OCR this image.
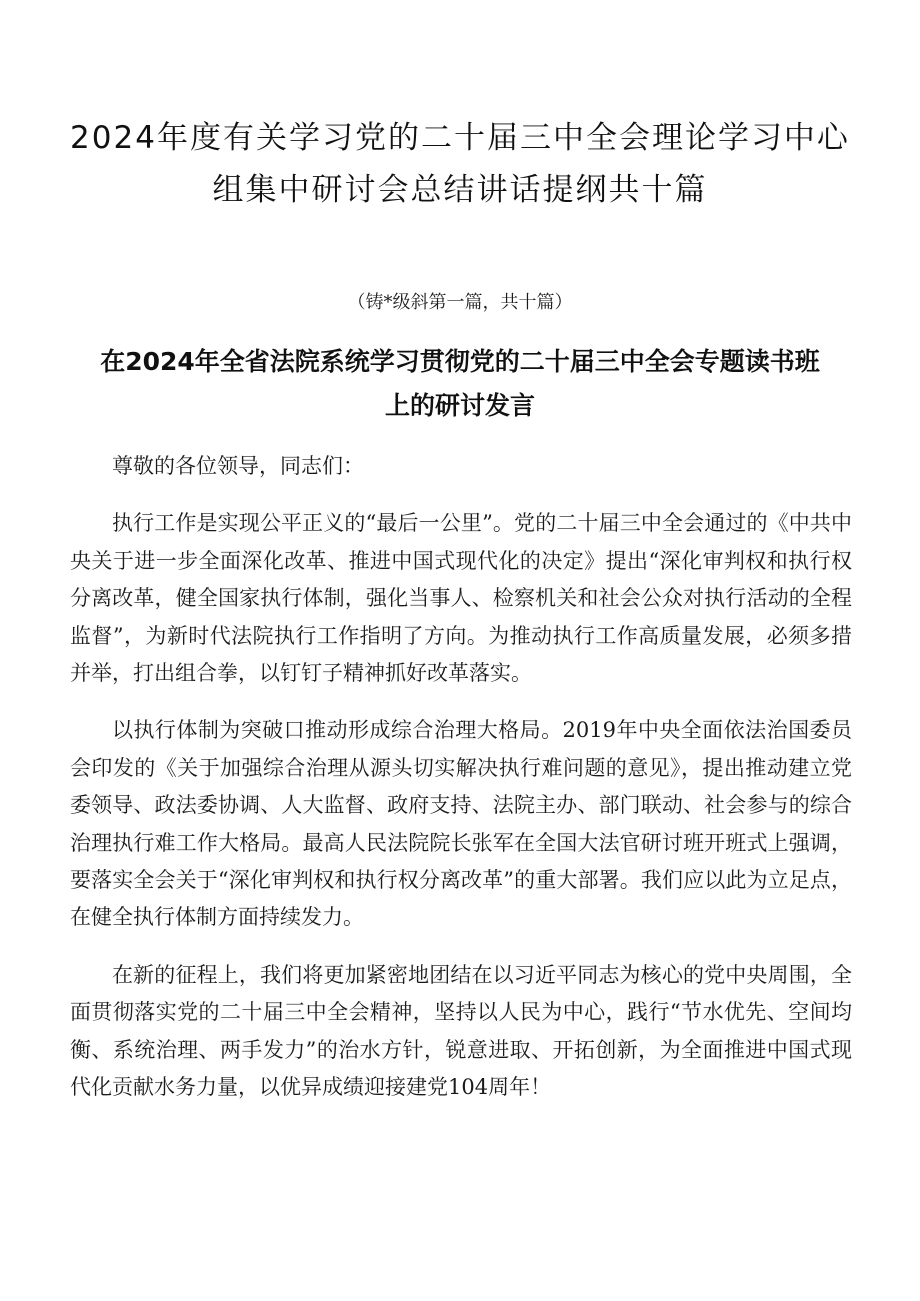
2024年度有关学习党的二十届三中全会理论学习中心组集中研讨会总结讲话提纲共十篇
（铸*级斜第一篇，共十篇）
在2024年全省法院系统学习贯彻党的二十届三中全会专题读书班上的研讨发言

尊敬的各位领导，同志们：

执行工作是实现公平正义的“最后一公里”。党的二十届三中全会通过的《中共中央关于进一步全面深化改革、推进中国式现代化的决定》提出“深化审判权和执行权分离改革，健全国家执行体制，强化当事人、检察机关和社会公众对执行活动的全程监督”，为新时代法院执行工作指明了方向。为推动执行工作高质量发展，必须多措并举，打出组合拳，以钉钉子精神抓好改革落实。

以执行体制为突破口推动形成综合治理大格局。2019年中央全面依法治国委员会印发的《关于加强综合治理从源头切实解决执行难问题的意见》，提出推动建立党委领导、政法委协调、人大监督、政府支持、法院主办、部门联动、社会参与的综合治理执行难工作大格局。最高人民法院院长张军在全国大法官研讨班开班式上强调，要落实全会关于“深化审判权和执行权分离改革”的重大部署。我们应以此为立足点，在健全执行体制方面持续发力。

在新的征程上，我们将更加紧密地团结在以习近平同志为核心的党中央周围，全面贯彻落实党的二十届三中全会精神，坚持以人民为中心，践行“节水优先、空间均衡、系统治理、两手发力”的治水方针，锐意进取、开拓创新，为全面推进中国式现代化贡献水务力量，以优异成绩迎接建党104周年！
